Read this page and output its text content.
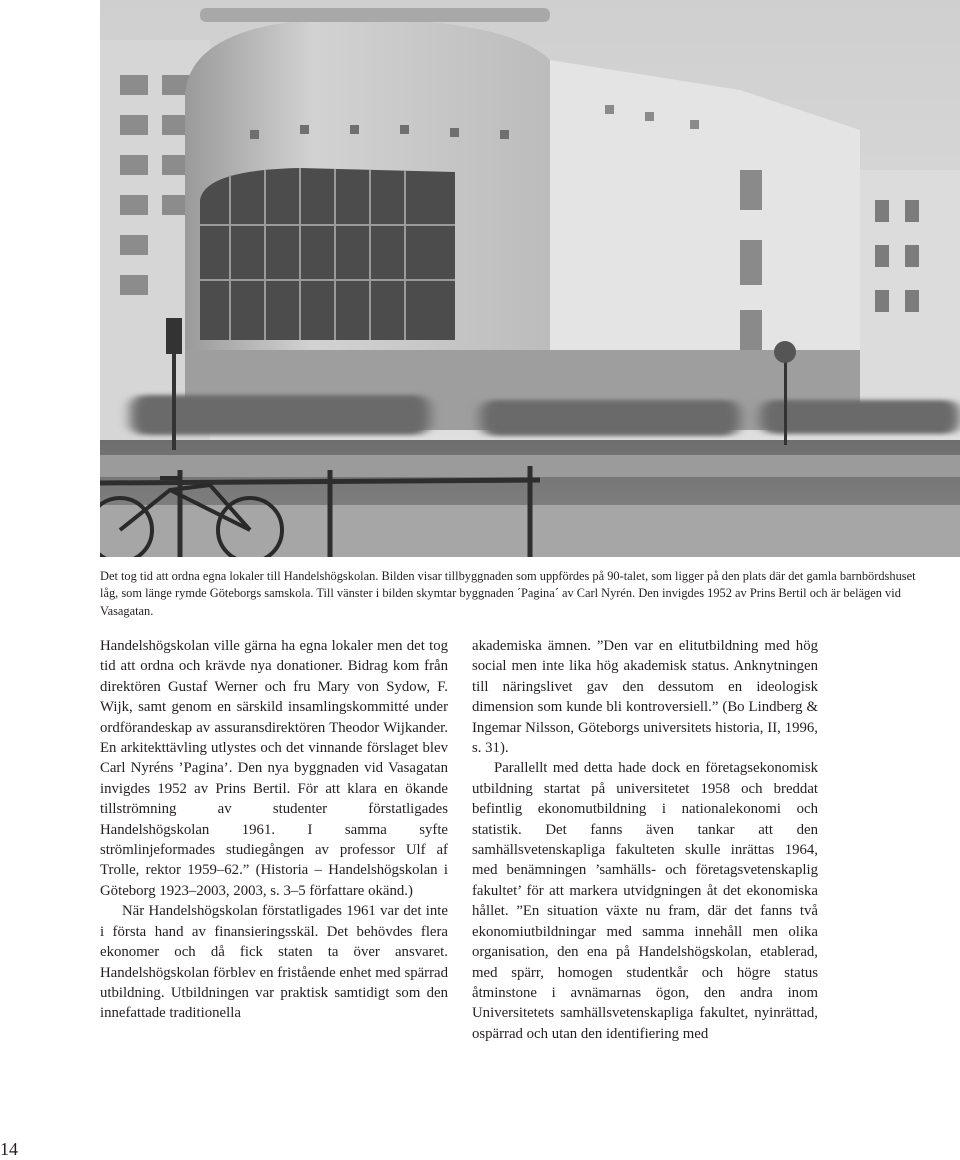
Det tog tid att ordna egna lokaler till Handelshögskolan. Bilden visar tillbyggnaden som uppfördes på 90-talet, som ligger på den plats där det gamla barnbördshuset låg, som länge rymde Göteborgs samskola. Till vänster i bilden skymtar byggnaden ´Pagina´ av Carl Nyrén. Den invigdes 1952 av Prins Bertil och är belägen vid Vasagatan.

Handelshögskolan ville gärna ha egna lokaler men det tog tid att ordna och krävde nya donationer. Bidrag kom från direktören Gustaf Werner och fru Mary von Sydow, F. Wijk, samt genom en särskild insamlingskommitté under ordförandeskap av assuransdirektören Theodor Wijkander. En arkitekttävling utlystes och det vinnande förslaget blev Carl Nyréns ’Pagina’. Den nya byggnaden vid Vasagatan invigdes 1952 av Prins Bertil. För att klara en ökande tillströmning av studenter förstatligades Handelshögskolan 1961. I samma syfte strömlinjeformades studiegången av professor Ulf af Trolle, rektor 1959–62.” (Historia – Handelshögskolan i Göteborg 1923–2003, 2003, s. 3–5 författare okänd.)

När Handelshögskolan förstatligades 1961 var det inte i första hand av finansieringsskäl. Det behövdes flera ekonomer och då fick staten ta över ansvaret. Handelshögskolan förblev en fristående enhet med spärrad utbildning. Utbildningen var praktisk samtidigt som den innefattade traditionella

akademiska ämnen. ”Den var en elitutbildning med hög social men inte lika hög akademisk status. Anknytningen till näringslivet gav den dessutom en ideologisk dimension som kunde bli kontroversiell.” (Bo Lindberg & Ingemar Nilsson, Göteborgs universitets historia, II, 1996, s. 31).

Parallellt med detta hade dock en företagsekonomisk utbildning startat på universitetet 1958 och breddat befintlig ekonomutbildning i nationalekonomi och statistik. Det fanns även tankar att den samhällsvetenskapliga fakulteten skulle inrättas 1964, med benämningen ’samhälls- och företagsvetenskaplig fakultet’ för att markera utvidgningen åt det ekonomiska hållet. ”En situation växte nu fram, där det fanns två ekonomiutbildningar med samma innehåll men olika organisation, den ena på Handelshögskolan, etablerad, med spärr, homogen studentkår och högre status åtminstone i avnämarnas ögon, den andra inom Universitetets samhällsvetenskapliga fakultet, nyinrättad, ospärrad och utan den identifiering med

14
